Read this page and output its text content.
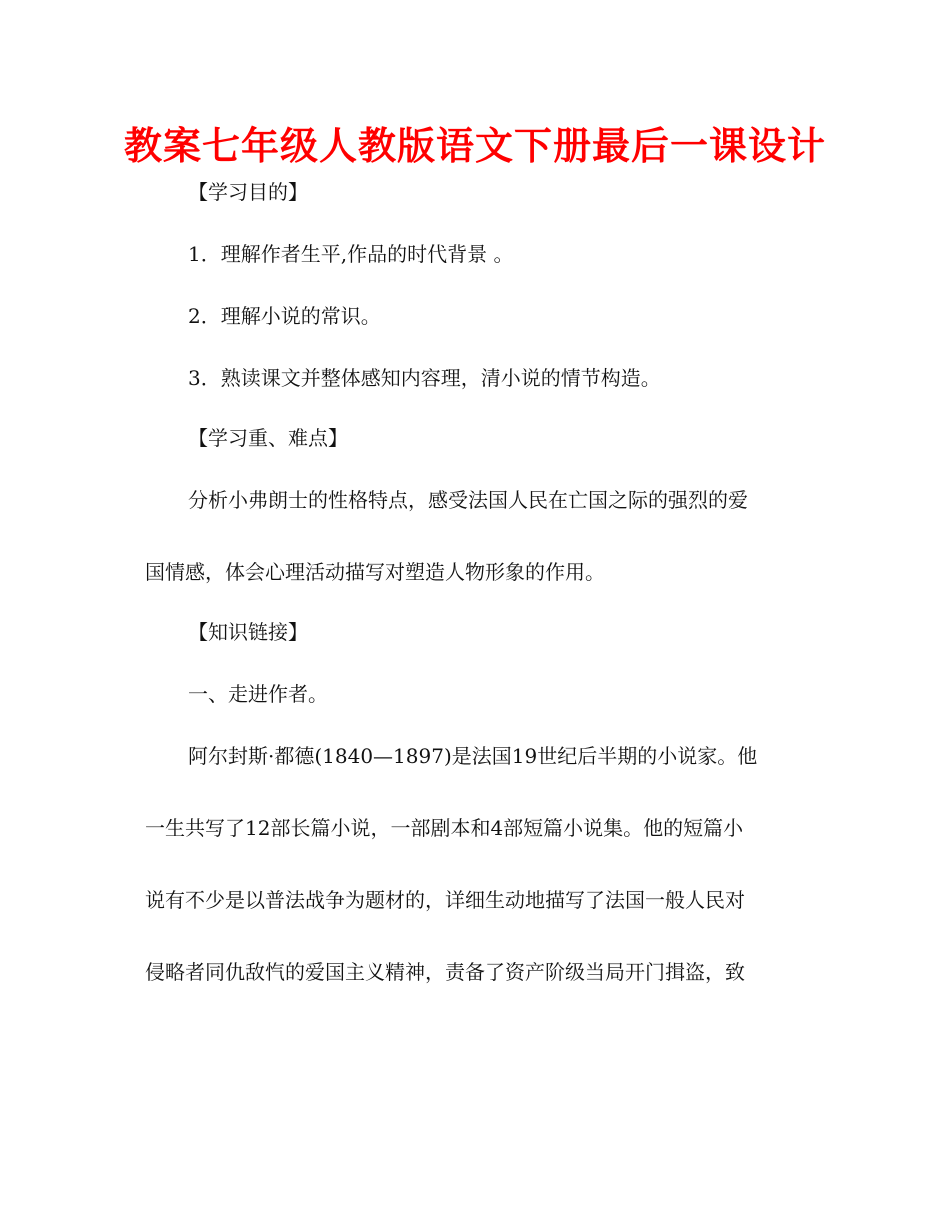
教案七年级人教版语文下册最后一课设计

【学习目的】

1．理解作者生平,作品的时代背景 。

2．理解小说的常识。

3．熟读课文并整体感知内容理，清小说的情节构造。

【学习重、难点】

分析小弗朗士的性格特点，感受法国人民在亡国之际的强烈的爱

国情感，体会心理活动描写对塑造人物形象的作用。

【知识链接】

一、走进作者。

阿尔封斯·都德(1840—1897)是法国19世纪后半期的小说家。他

一生共写了12部长篇小说，一部剧本和4部短篇小说集。他的短篇小

说有不少是以普法战争为题材的，详细生动地描写了法国一般人民对

侵略者同仇敌忾的爱国主义精神，责备了资产阶级当局开门揖盗，致
